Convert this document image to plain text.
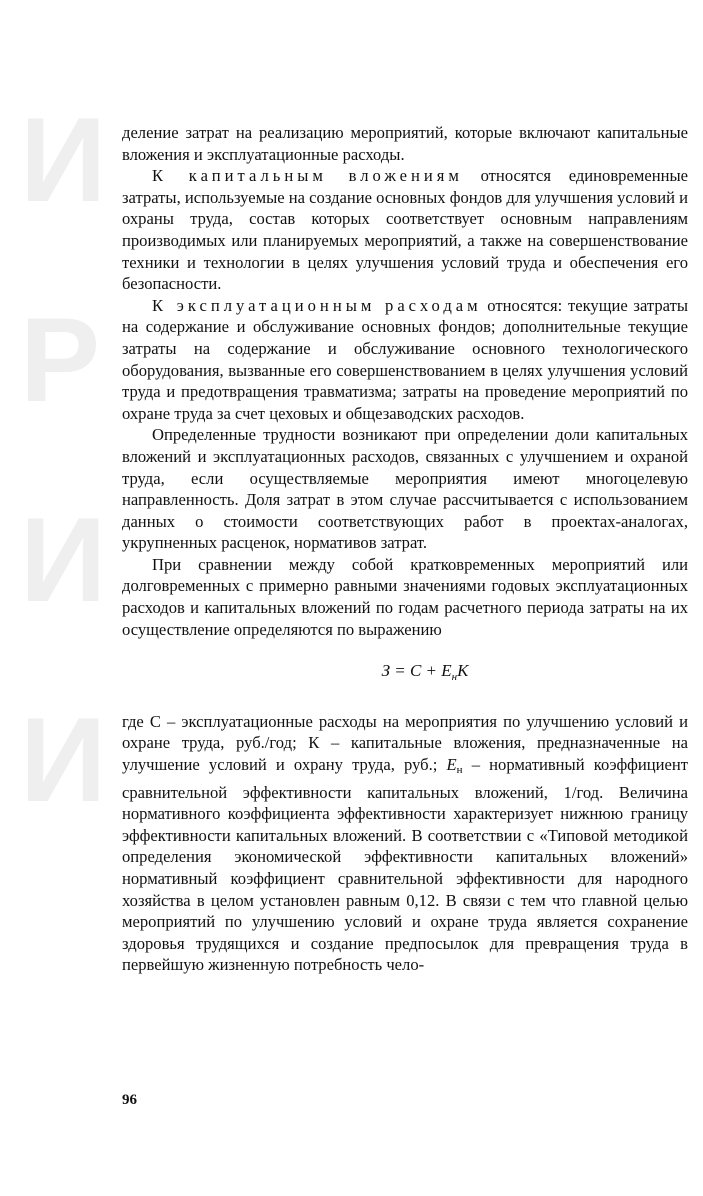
И
Р
И
И

деление затрат на реализацию мероприятий, которые включают капитальные вложения и эксплуатационные расходы.

К капитальным вложениям относятся единовременные затраты, используемые на создание основных фондов для улучшения условий и охраны труда, состав которых соответствует основным направлениям производимых или планируемых мероприятий, а также на совершенствование техники и технологии в целях улучшения условий труда и обеспечения его безопасности.

К эксплуатационным расходам относятся: текущие затраты на содержание и обслуживание основных фондов; дополнительные текущие затраты на содержание и обслуживание основного технологического оборудования, вызванные его совершенствованием в целях улучшения условий труда и предотвращения травматизма; затраты на проведение мероприятий по охране труда за счет цеховых и общезаводских расходов.

Определенные трудности возникают при определении доли капитальных вложений и эксплуатационных расходов, связанных с улучшением и охраной труда, если осуществляемые мероприятия имеют многоцелевую направленность. Доля затрат в этом случае рассчитывается с использованием данных о стоимости соответствующих работ в проектах-аналогах, укрупненных расценок, нормативов затрат.

При сравнении между собой кратковременных мероприятий или долговременных с примерно равными значениями годовых эксплуатационных расходов и капитальных вложений по годам расчетного периода затраты на их осуществление определяются по выражению

$З = С + Е_нК$

где С – эксплуатационные расходы на мероприятия по улучшению условий и охране труда, руб./год; К – капитальные вложения, предназначенные на улучшение условий и охрану труда, руб.; $Е_н$ – нормативный коэффициент сравнительной эффективности капитальных вложений, 1/год. Величина нормативного коэффициента эффективности характеризует нижнюю границу эффективности капитальных вложений. В соответствии с «Типовой методикой определения экономической эффективности капитальных вложений» нормативный коэффициент сравнительной эффективности для народного хозяйства в целом установлен равным 0,12. В связи с тем что главной целью мероприятий по улучшению условий и охране труда является сохранение здоровья трудящихся и создание предпосылок для превращения труда в первейшую жизненную потребность чело-

96
